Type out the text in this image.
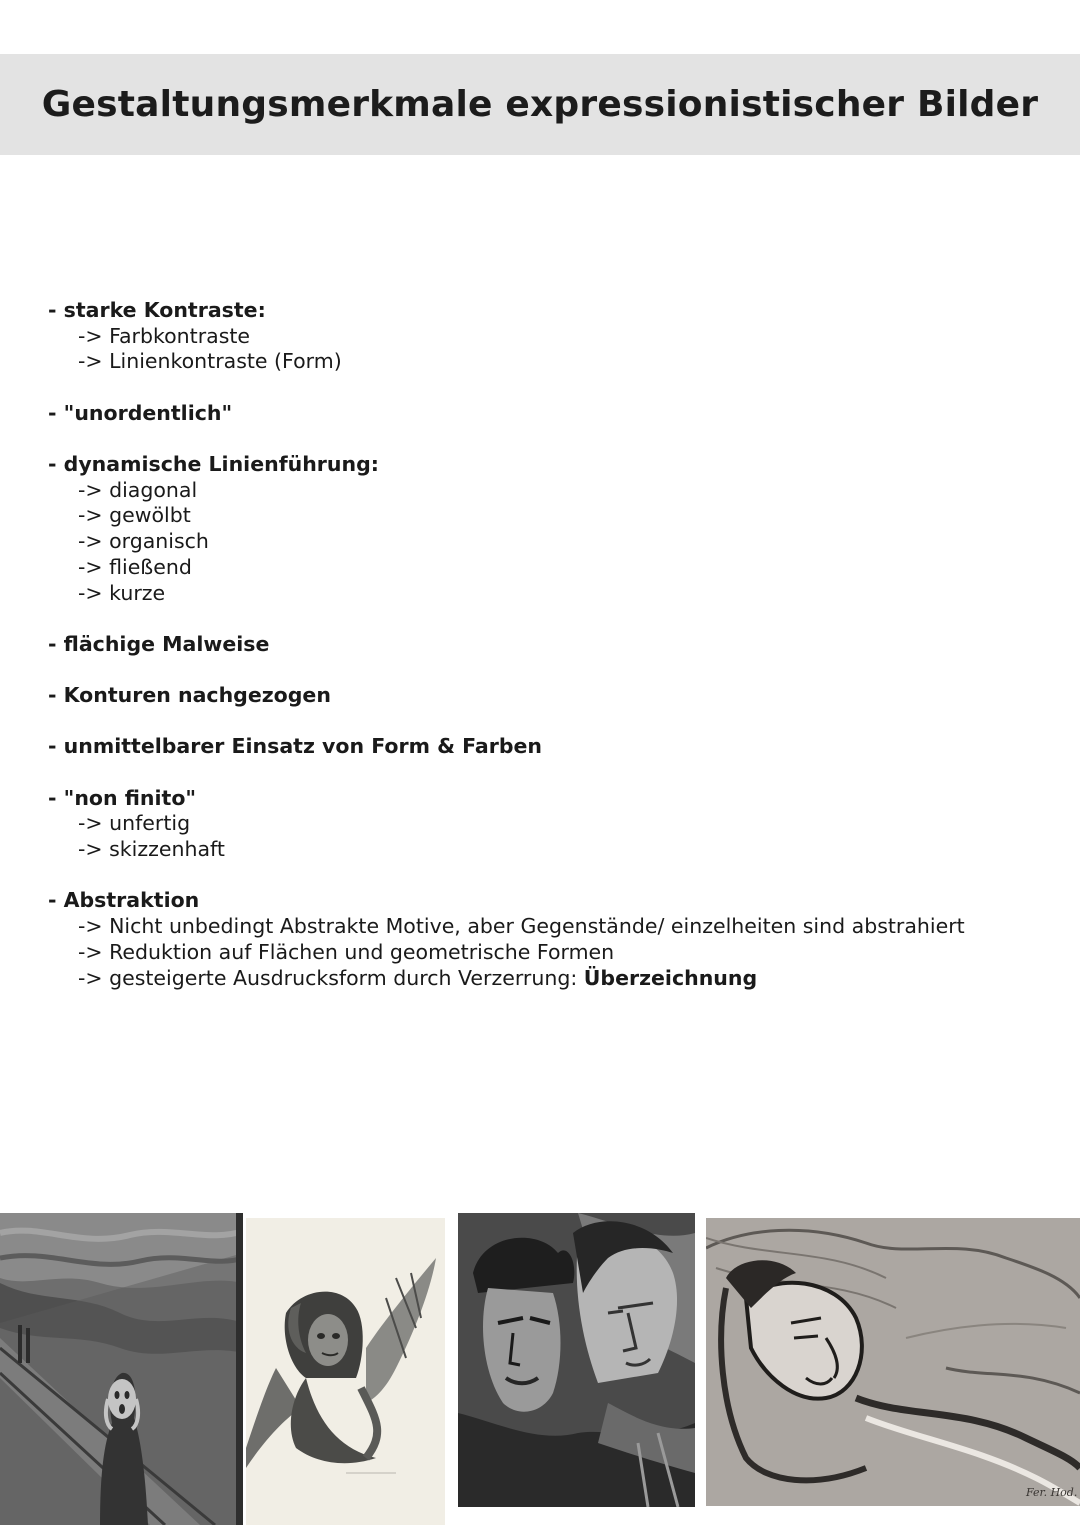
Gestaltungsmerkmale expressionistischer Bilder
- starke Kontraste:
-> Farbkontraste
-> Linienkontraste (Form)
- "unordentlich"
- dynamische Linienführung:
-> diagonal
-> gewölbt
-> organisch
-> fließend
-> kurze
- flächige Malweise
- Konturen nachgezogen
- unmittelbarer Einsatz von Form & Farben
- "non finito"
-> unfertig
-> skizzenhaft
- Abstraktion
-> Nicht unbedingt Abstrakte Motive, aber Gegenstände/ einzelheiten sind abstrahiert
-> Reduktion auf Flächen und geometrische Formen
-> gesteigerte Ausdrucksform durch Verzerrung: Überzeichnung
Fer. Hod.
